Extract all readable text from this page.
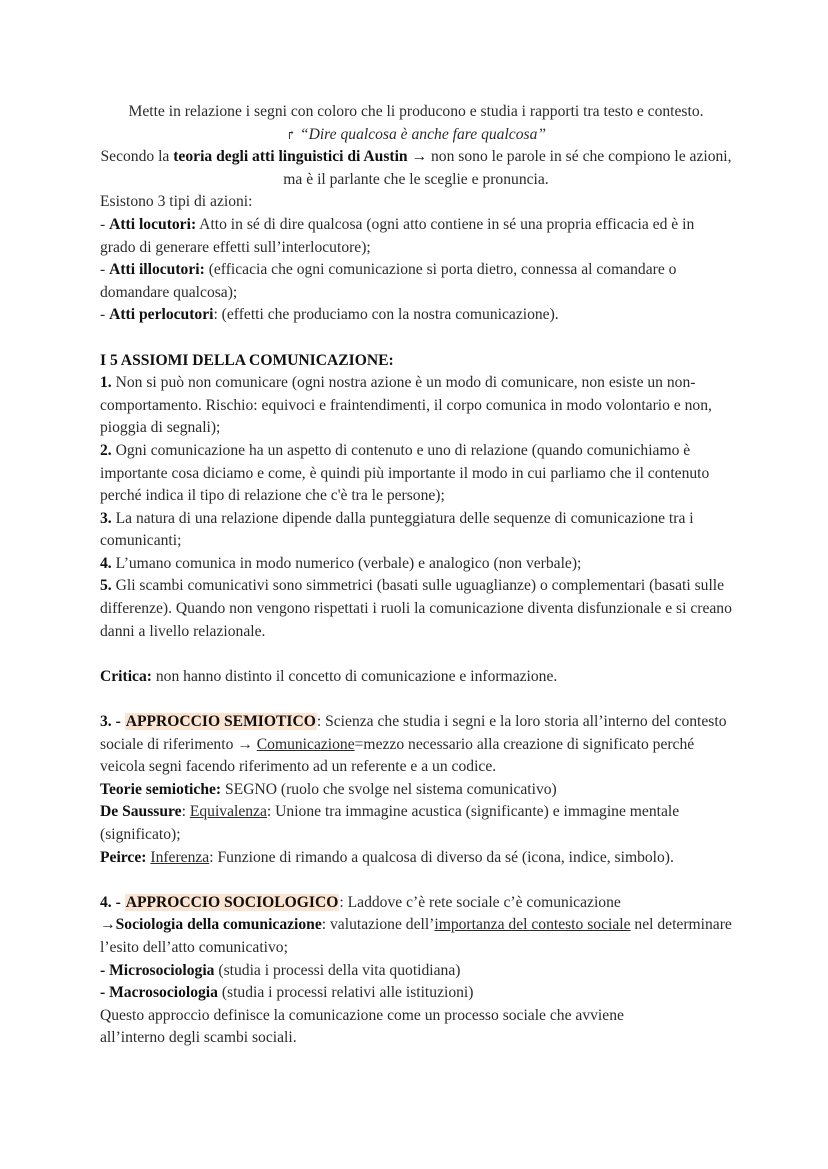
Mette in relazione i segni con coloro che li producono e studia i rapporti tra testo e contesto.

↱ “Dire qualcosa è anche fare qualcosa”

Secondo la teoria degli atti linguistici di Austin → non sono le parole in sé che compiono le azioni, ma è il parlante che le sceglie e pronuncia.

Esistono 3 tipi di azioni:

- Atti locutori: Atto in sé di dire qualcosa (ogni atto contiene in sé una propria efficacia ed è in grado di generare effetti sull’interlocutore);

- Atti illocutori: (efficacia che ogni comunicazione si porta dietro, connessa al comandare o domandare qualcosa);

- Atti perlocutori: (effetti che produciamo con la nostra comunicazione).

I 5 ASSIOMI DELLA COMUNICAZIONE:

1. Non si può non comunicare (ogni nostra azione è un modo di comunicare, non esiste un non-comportamento. Rischio: equivoci e fraintendimenti, il corpo comunica in modo volontario e non, pioggia di segnali);

2. Ogni comunicazione ha un aspetto di contenuto e uno di relazione (quando comunichiamo è importante cosa diciamo e come, è quindi più importante il modo in cui parliamo che il contenuto perché indica il tipo di relazione che c'è tra le persone);

3. La natura di una relazione dipende dalla punteggiatura delle sequenze di comunicazione tra i comunicanti;

4. L’umano comunica in modo numerico (verbale) e analogico (non verbale);

5. Gli scambi comunicativi sono simmetrici (basati sulle uguaglianze) o complementari (basati sulle differenze). Quando non vengono rispettati i ruoli la comunicazione diventa disfunzionale e si creano danni a livello relazionale.

Critica: non hanno distinto il concetto di comunicazione e informazione.

3. - APPROCCIO SEMIOTICO: Scienza che studia i segni e la loro storia all’interno del contesto sociale di riferimento → Comunicazione=mezzo necessario alla creazione di significato perché veicola segni facendo riferimento ad un referente e a un codice.

Teorie semiotiche: SEGNO (ruolo che svolge nel sistema comunicativo)

De Saussure: Equivalenza: Unione tra immagine acustica (significante) e immagine mentale (significato);

Peirce: Inferenza: Funzione di rimando a qualcosa di diverso da sé (icona, indice, simbolo).

4. - APPROCCIO SOCIOLOGICO: Laddove c’è rete sociale c’è comunicazione

→Sociologia della comunicazione: valutazione dell’importanza del contesto sociale nel determinare l’esito dell’atto comunicativo;

- Microsociologia (studia i processi della vita quotidiana)

- Macrosociologia (studia i processi relativi alle istituzioni)

Questo approccio definisce la comunicazione come un processo sociale che avviene all’interno degli scambi sociali.
